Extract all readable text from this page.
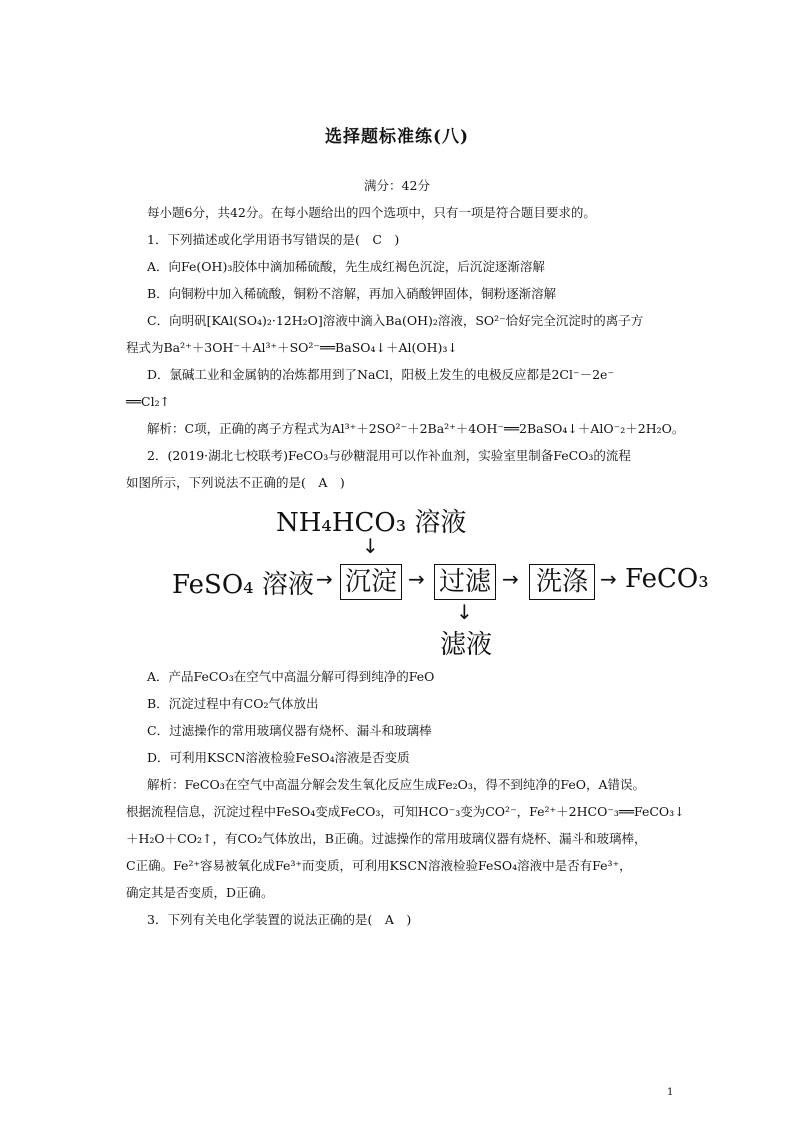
选择题标准练(八)
满分：42分
每小题6分，共42分。在每小题给出的四个选项中，只有一项是符合题目要求的。
1．下列描述或化学用语书写错误的是(　C　)
A．向Fe(OH)₃胶体中滴加稀硫酸，先生成红褐色沉淀，后沉淀逐渐溶解
B．向铜粉中加入稀硫酸，铜粉不溶解，再加入硝酸钾固体，铜粉逐渐溶解
C．向明矾[KAl(SO₄)₂·12H₂O]溶液中滴入Ba(OH)₂溶液，SO²⁻恰好完全沉淀时的离子方
程式为Ba²⁺＋3OH⁻＋Al³⁺＋SO²⁻══BaSO₄↓＋Al(OH)₃↓
D．氯碱工业和金属钠的冶炼都用到了NaCl，阳极上发生的电极反应都是2Cl⁻－2e⁻
══Cl₂↑
解析：C项，正确的离子方程式为Al³⁺＋2SO²⁻＋2Ba²⁺＋4OH⁻══2BaSO₄↓＋AlO⁻₂＋2H₂O。
2．(2019·湖北七校联考)FeCO₃与砂糖混用可以作补血剂，实验室里制备FeCO₃的流程
如图所示，下列说法不正确的是(　A　)
NH₄HCO₃ 溶液
↓
FeSO₄ 溶液 → 沉淀 → 过滤 → 洗涤 → FeCO₃
↓
滤液
A．产品FeCO₃在空气中高温分解可得到纯净的FeO
B．沉淀过程中有CO₂气体放出
C．过滤操作的常用玻璃仪器有烧杯、漏斗和玻璃棒
D．可利用KSCN溶液检验FeSO₄溶液是否变质
解析：FeCO₃在空气中高温分解会发生氧化反应生成Fe₂O₃，得不到纯净的FeO，A错误。
根据流程信息，沉淀过程中FeSO₄变成FeCO₃，可知HCO⁻₃变为CO²⁻，Fe²⁺＋2HCO⁻₃══FeCO₃↓
＋H₂O＋CO₂↑，有CO₂气体放出，B正确。过滤操作的常用玻璃仪器有烧杯、漏斗和玻璃棒，
C正确。Fe²⁺容易被氧化成Fe³⁺而变质，可利用KSCN溶液检验FeSO₄溶液中是否有Fe³⁺，
确定其是否变质，D正确。
3．下列有关电化学装置的说法正确的是(　A　)
1
